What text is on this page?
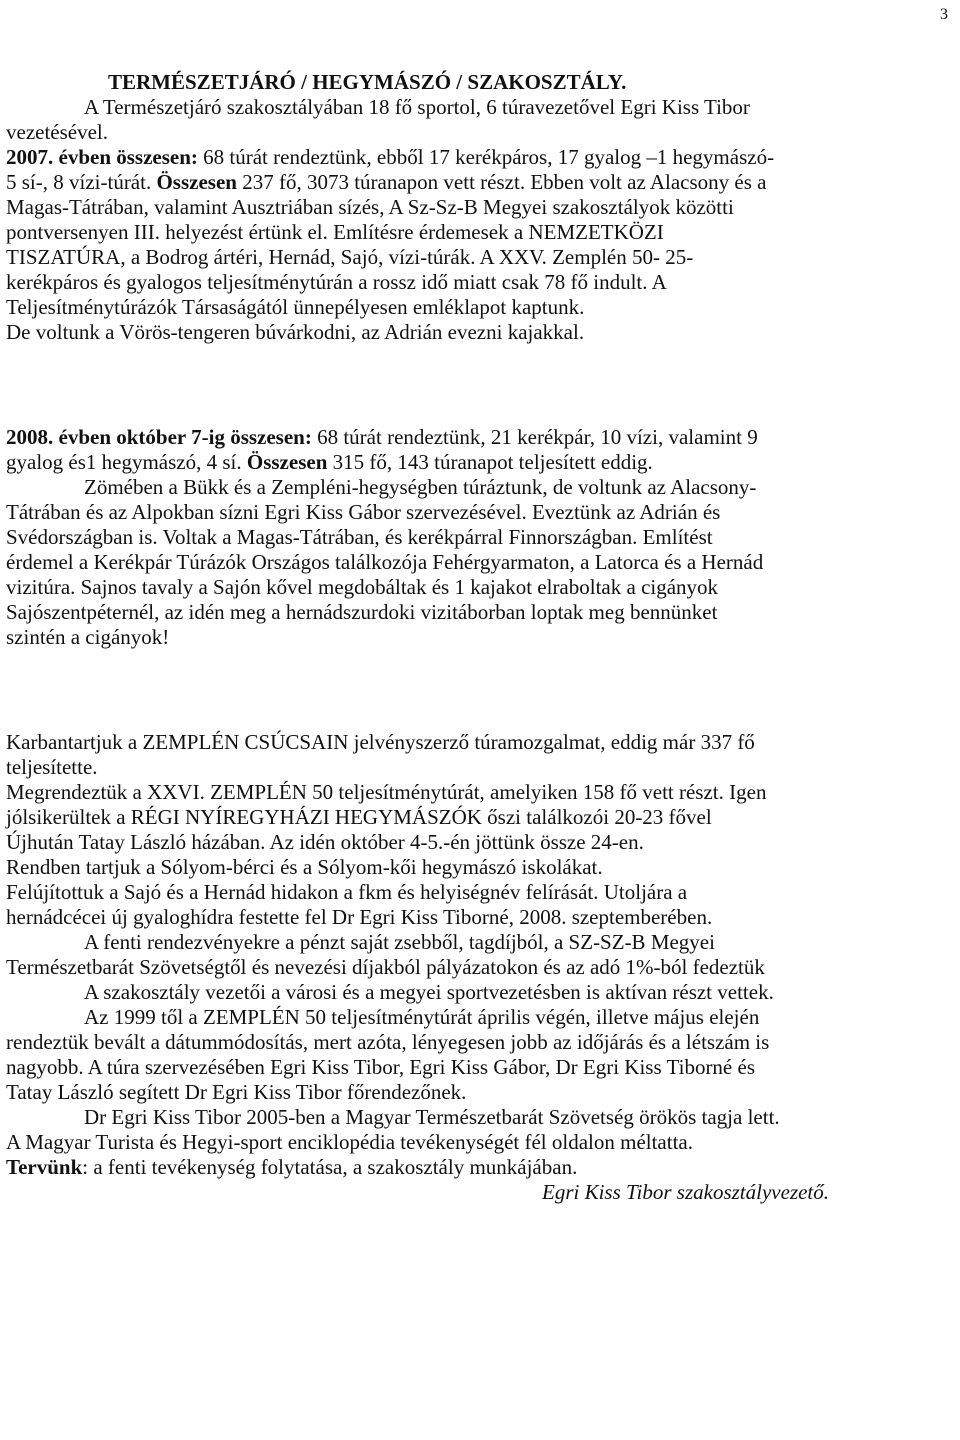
3
TERMÉSZETJÁRÓ / HEGYMÁSZÓ / SZAKOSZTÁLY.
A Természetjáró szakosztályában 18 fő sportol, 6 túravezetővel Egri Kiss Tibor
vezetésével.
2007. évben összesen: 68 túrát rendeztünk, ebből 17 kerékpáros, 17 gyalog –1 hegymászó-
5 sí-, 8 vízi-túrát. Összesen 237 fő, 3073 túranapon vett részt. Ebben volt az Alacsony és a
Magas-Tátrában, valamint Ausztriában sízés, A Sz-Sz-B Megyei szakosztályok közötti
pontversenyen III. helyezést értünk el. Említésre érdemesek a NEMZETKÖZI
TISZATÚRA, a Bodrog ártéri, Hernád, Sajó, vízi-túrák. A XXV. Zemplén 50- 25-
kerékpáros és gyalogos teljesítménytúrán a rossz idő miatt csak 78 fő indult. A
Teljesítménytúrázók Társaságától ünnepélyesen emléklapot kaptunk.
De voltunk a Vörös-tengeren búvárkodni, az Adrián evezni kajakkal.
2008. évben október 7-ig összesen: 68 túrát rendeztünk, 21 kerékpár, 10 vízi, valamint 9
gyalog és1 hegymászó, 4 sí. Összesen 315 fő, 143 túranapot teljesített eddig.
Zömében a Bükk és a Zempléni-hegységben túráztunk, de voltunk az Alacsony-
Tátrában és az Alpokban sízni Egri Kiss Gábor szervezésével. Eveztünk az Adrián és
Svédországban is. Voltak a Magas-Tátrában, és kerékpárral Finnországban. Említést
érdemel a Kerékpár Túrázók Országos találkozója Fehérgyarmaton, a Latorca és a Hernád
vizitúra. Sajnos tavaly a Sajón kővel megdobáltak és 1 kajakot elraboltak a cigányok
Sajószentpéternél, az idén meg a hernádszurdoki vizitáborban loptak meg bennünket
szintén a cigányok!
Karbantartjuk a ZEMPLÉN CSÚCSAIN jelvényszerző túramozgalmat, eddig már 337 fő
teljesítette.
Megrendeztük a XXVI. ZEMPLÉN 50 teljesítménytúrát, amelyiken 158 fő vett részt. Igen
jólsikerültek a RÉGI NYÍREGYHÁZI HEGYMÁSZÓK őszi találkozói 20-23 fővel
Újhután Tatay László házában. Az idén október 4-5.-én jöttünk össze 24-en.
Rendben tartjuk a Sólyom-bérci és a Sólyom-kői hegymászó iskolákat.
Felújítottuk a Sajó és a Hernád hidakon a fkm és helyiségnév felírását. Utoljára a
hernádcécei új gyaloghídra festette fel Dr Egri Kiss Tiborné, 2008. szeptemberében.
A fenti rendezvényekre a pénzt saját zsebből, tagdíjból, a SZ-SZ-B Megyei
Természetbarát Szövetségtől és nevezési díjakból pályázatokon és az adó 1%-ból fedeztük
A szakosztály vezetői a városi és a megyei sportvezetésben is aktívan részt vettek.
Az 1999 től a ZEMPLÉN 50 teljesítménytúrát április végén, illetve május elején
rendeztük bevált a dátummódosítás, mert azóta, lényegesen jobb az időjárás és a létszám is
nagyobb. A túra szervezésében Egri Kiss Tibor, Egri Kiss Gábor, Dr Egri Kiss Tiborné és
Tatay László segített Dr Egri Kiss Tibor főrendezőnek.
Dr Egri Kiss Tibor 2005-ben a Magyar Természetbarát Szövetség örökös tagja lett.
A Magyar Turista és Hegyi-sport enciklopédia tevékenységét fél oldalon méltatta.
Tervünk: a fenti tevékenység folytatása, a szakosztály munkájában.
Egri Kiss Tibor szakosztályvezető.
